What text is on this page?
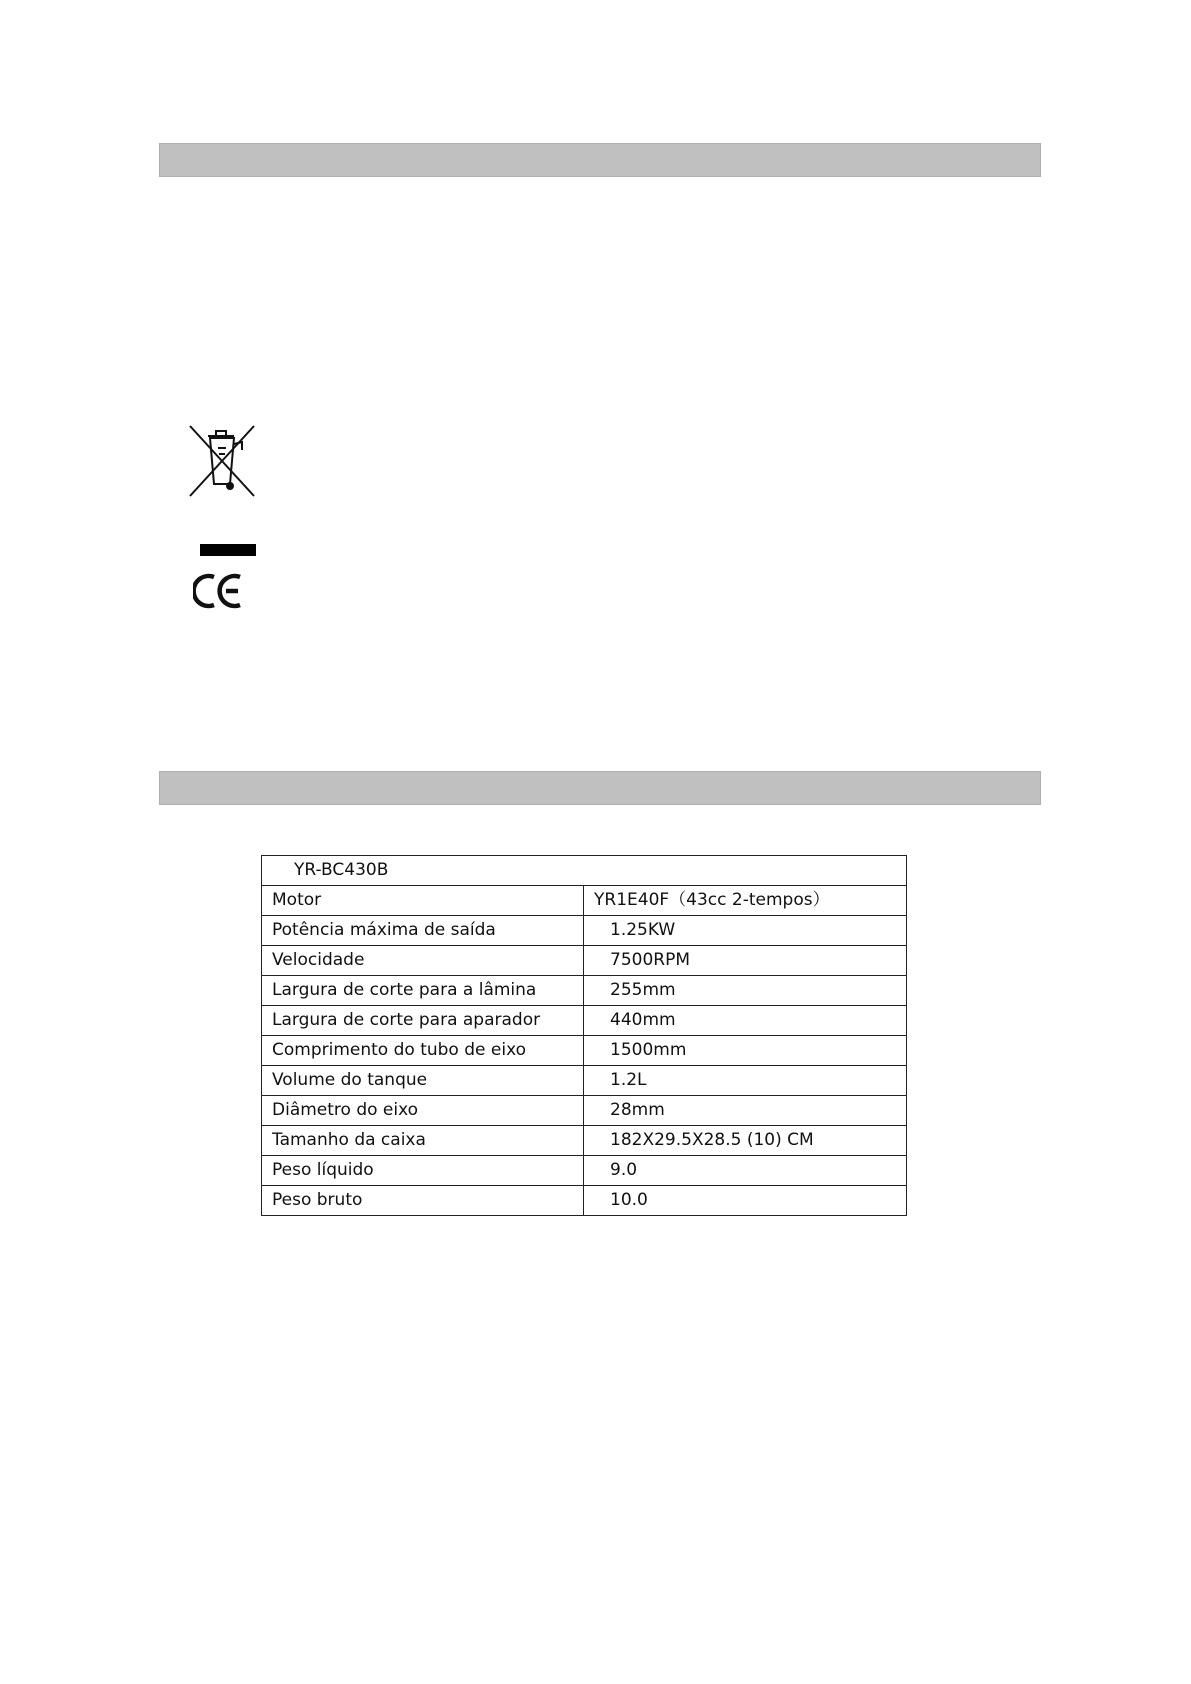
YR-BC430B	
Motor	YR1E40F（43cc 2-tempos）
Potência máxima de saída	1.25KW
Velocidade	7500RPM
Largura de corte para a lâmina	255mm
Largura de corte para aparador	440mm
Comprimento do tubo de eixo	1500mm
Volume do tanque	1.2L
Diâmetro do eixo	28mm
Tamanho da caixa	182X29.5X28.5 (10) CM
Peso líquido	9.0
Peso bruto	10.0
